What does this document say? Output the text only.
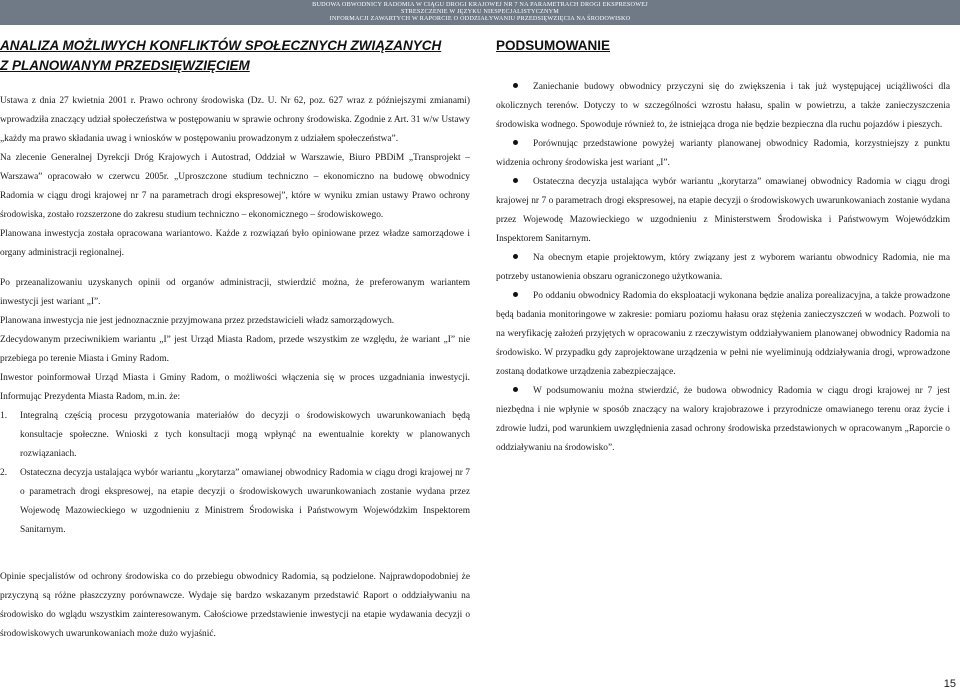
BUDOWA OBWODNICY RADOMIA W CIĄGU DROGI KRAJOWEJ NR 7 NA PARAMETRACH DROGI EKSPRESOWEJ
STRESZCZENIE W JĘZYKU NIESPECJALISTYCZNYM
INFORMACJI ZAWARTYCH W RAPORCIE O ODDZIAŁYWANIU PRZEDSIĘWZIĘCIA NA ŚRODOWISKO

ANALIZA MOŻLIWYCH KONFLIKTÓW SPOŁECZNYCH ZWIĄZANYCH

Z PLANOWANYM PRZEDSIĘWZIĘCIEM

Ustawa z dnia 27 kwietnia 2001 r. Prawo ochrony środowiska (Dz. U. Nr 62, poz. 627 wraz z późniejszymi zmianami) wprowadziła znaczący udział społeczeństwa w postępowaniu w sprawie ochrony środowiska. Zgodnie z Art. 31 w/w Ustawy „każdy ma prawo składania uwag i wniosków w postępowaniu prowadzonym z udziałem społeczeństwa”.

Na zlecenie Generalnej Dyrekcji Dróg Krajowych i Autostrad, Oddział w Warszawie, Biuro PBDiM „Transprojekt – Warszawa” opracowało w czerwcu 2005r. „Uproszczone studium techniczno – ekonomiczno na budowę obwodnicy Radomia w ciągu drogi krajowej nr 7 na parametrach drogi ekspresowej”, które w wyniku zmian ustawy Prawo ochrony środowiska, zostało rozszerzone do zakresu studium techniczno – ekonomicznego – środowiskowego.

Planowana inwestycja została opracowana wariantowo. Każde z rozwiązań było opiniowane przez władze samorządowe i organy administracji regionalnej.

Po przeanalizowaniu uzyskanych opinii od organów administracji, stwierdzić można, że preferowanym wariantem inwestycji jest wariant „I”.

Planowana inwestycja nie jest jednoznacznie przyjmowana przez przedstawicieli władz samorządowych.

Zdecydowanym przeciwnikiem wariantu „I” jest Urząd Miasta Radom, przede wszystkim ze względu, że wariant „I” nie przebiega po terenie Miasta i Gminy Radom.

Inwestor poinformował Urząd Miasta i Gminy Radom, o możliwości włączenia się w proces uzgadniania inwestycji. Informując Prezydenta Miasta Radom, m.in. że:

1. Integralną częścią procesu przygotowania materiałów do decyzji o środowiskowych uwarunkowaniach będą konsultacje społeczne. Wnioski z tych konsultacji mogą wpłynąć na ewentualnie korekty w planowanych rozwiązaniach.
2. Ostateczna decyzja ustalająca wybór wariantu „korytarza” omawianej obwodnicy Radomia w ciągu drogi krajowej nr 7 o parametrach drogi ekspresowej, na etapie decyzji o środowiskowych uwarunkowaniach zostanie wydana przez Wojewodę Mazowieckiego w uzgodnieniu z Ministrem Środowiska i Państwowym Wojewódzkim Inspektorem Sanitarnym.

Opinie specjalistów od ochrony środowiska co do przebiegu obwodnicy Radomia, są podzielone. Najprawdopodobniej że przyczyną są różne płaszczyzny porównawcze. Wydaje się bardzo wskazanym przedstawić Raport o oddziaływaniu na środowisko do wglądu wszystkim zainteresowanym. Całościowe przedstawienie inwestycji na etapie wydawania decyzji o środowiskowych uwarunkowaniach może dużo wyjaśnić.

PODSUMOWANIE

Zaniechanie budowy obwodnicy przyczyni się do zwiększenia i tak już występującej uciążliwości dla okolicznych terenów. Dotyczy to w szczególności wzrostu hałasu, spalin w powietrzu, a także zanieczyszczenia środowiska wodnego. Spowoduje również to, że istniejąca droga nie będzie bezpieczna dla ruchu pojazdów i pieszych.

Porównując przedstawione powyżej warianty planowanej obwodnicy Radomia, korzystniejszy z punktu widzenia ochrony środowiska jest wariant „I”.

Ostateczna decyzja ustalająca wybór wariantu „korytarza” omawianej obwodnicy Radomia w ciągu drogi krajowej nr 7 o parametrach drogi ekspresowej, na etapie decyzji o środowiskowych uwarunkowaniach zostanie wydana przez Wojewodę Mazowieckiego w uzgodnieniu z Ministerstwem Środowiska i Państwowym Wojewódzkim Inspektorem Sanitarnym.

Na obecnym etapie projektowym, który związany jest z wyborem wariantu obwodnicy Radomia, nie ma potrzeby ustanowienia obszaru ograniczonego użytkowania.

Po oddaniu obwodnicy Radomia do eksploatacji wykonana będzie analiza porealizacyjna, a także prowadzone będą badania monitoringowe w zakresie: pomiaru poziomu hałasu oraz stężenia zanieczyszczeń w wodach. Pozwoli to na weryfikację założeń przyjętych w opracowaniu z rzeczywistym oddziaływaniem planowanej obwodnicy Radomia na środowisko. W przypadku gdy zaprojektowane urządzenia w pełni nie wyeliminują oddziaływania drogi, wprowadzone zostaną dodatkowe urządzenia zabezpieczające.

W podsumowaniu można stwierdzić, że budowa obwodnicy Radomia w ciągu drogi krajowej nr 7 jest niezbędna i nie wpłynie w sposób znaczący na walory krajobrazowe i przyrodnicze omawianego terenu oraz życie i zdrowie ludzi, pod warunkiem uwzględnienia zasad ochrony środowiska przedstawionych w opracowanym „Raporcie o oddziaływaniu na środowisko”.

15
